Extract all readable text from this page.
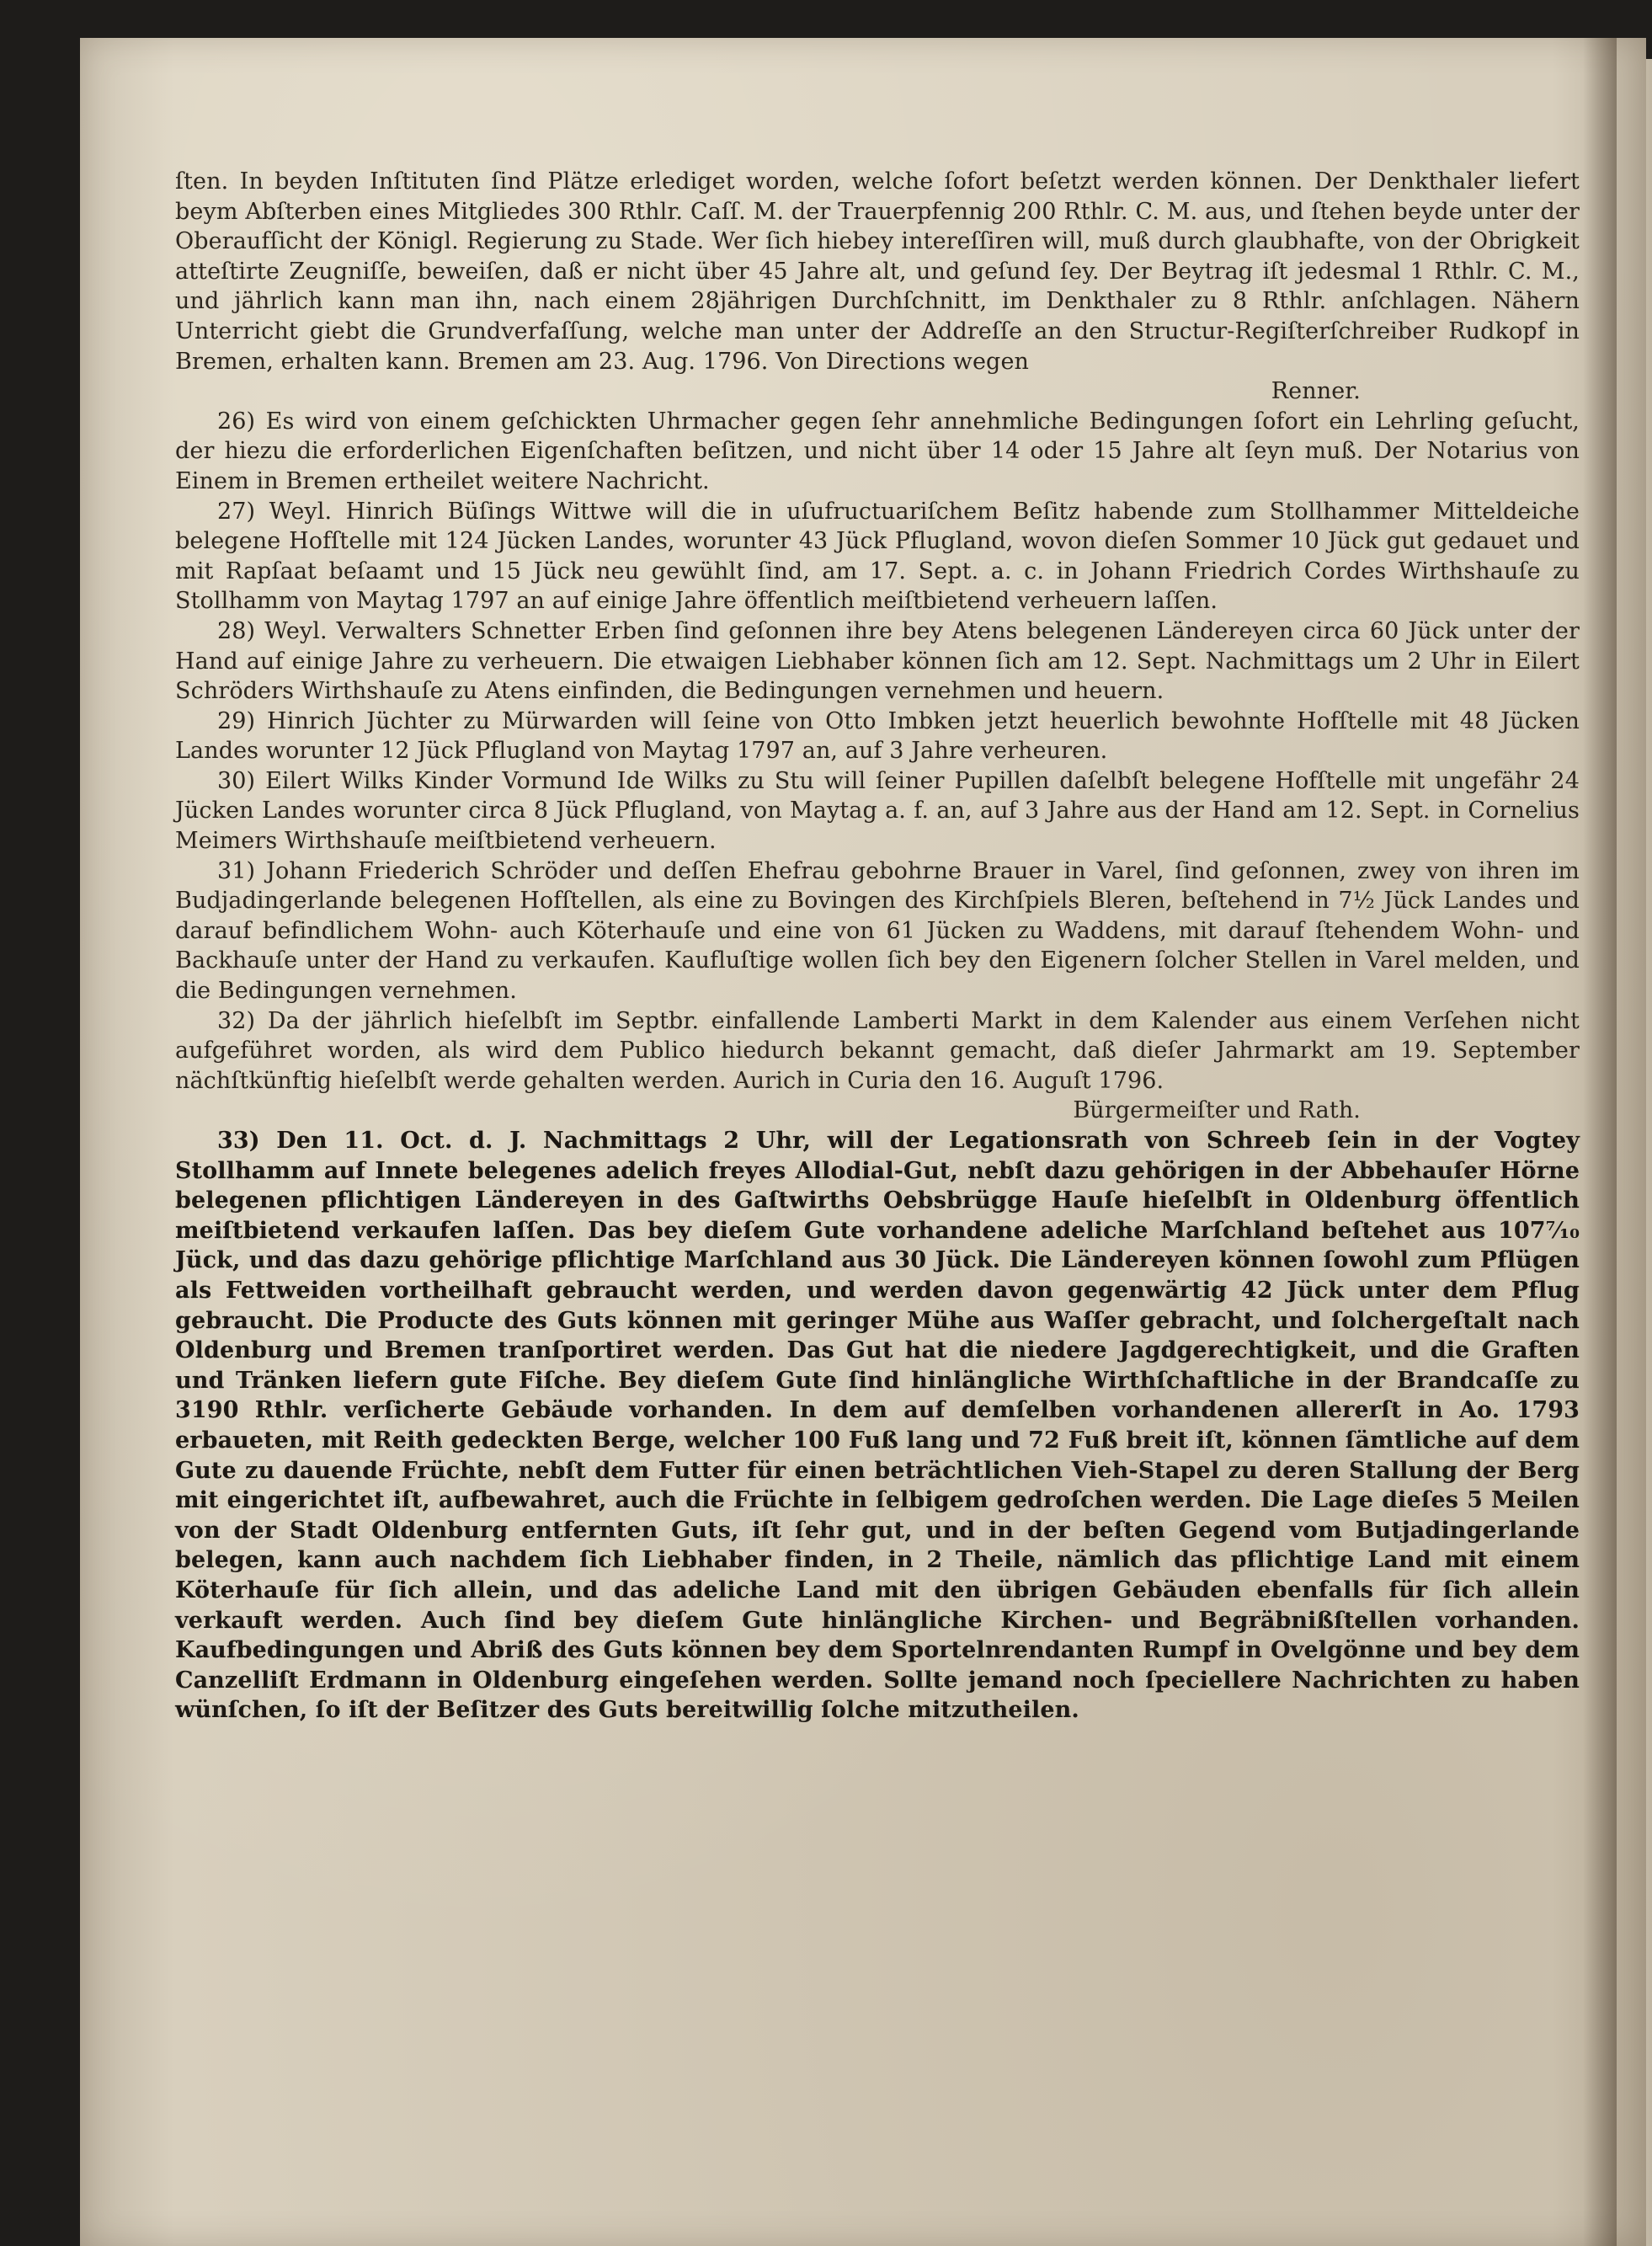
ſten. In beyden Inſtituten ſind Plätze erlediget worden, welche ſofort beſetzt werden können. Der Denkthaler liefert beym Abſterben eines Mitgliedes 300 Rthlr. Caſſ. M. der Trauerpfennig 200 Rthlr. C. M. aus, und ſtehen beyde unter der Oberaufſicht der Königl. Regierung zu Stade. Wer ſich hiebey intereſſiren will, muß durch glaubhafte, von der Obrigkeit atteſtirte Zeugniſſe, beweiſen, daß er nicht über 45 Jahre alt, und geſund ſey. Der Beytrag iſt jedesmal 1 Rthlr. C. M., und jährlich kann man ihn, nach einem 28jährigen Durchſchnitt, im Denkthaler zu 8 Rthlr. anſchlagen. Nähern Unterricht giebt die Grundverfaſſung, welche man unter der Addreſſe an den Structur-Regiſterſchreiber Rudkopf in Bremen, erhalten kann. Bremen am 23. Aug. 1796. Von Directions wegen

Renner.

26) Es wird von einem geſchickten Uhrmacher gegen ſehr annehmliche Bedingungen ſofort ein Lehrling geſucht, der hiezu die erforderlichen Eigenſchaften beſitzen, und nicht über 14 oder 15 Jahre alt ſeyn muß. Der Notarius von Einem in Bremen ertheilet weitere Nachricht.

27) Weyl. Hinrich Büſings Wittwe will die in uſufructuariſchem Beſitz habende zum Stollhammer Mitteldeiche belegene Hofſtelle mit 124 Jücken Landes, worunter 43 Jück Pflugland, wovon dieſen Sommer 10 Jück gut gedauet und mit Rapſaat beſaamt und 15 Jück neu gewühlt ſind, am 17. Sept. a. c. in Johann Friedrich Cordes Wirthshauſe zu Stollhamm von Maytag 1797 an auf einige Jahre öffentlich meiſtbietend verheuern laſſen.

28) Weyl. Verwalters Schnetter Erben ſind geſonnen ihre bey Atens belegenen Ländereyen circa 60 Jück unter der Hand auf einige Jahre zu verheuern. Die etwaigen Liebhaber können ſich am 12. Sept. Nachmittags um 2 Uhr in Eilert Schröders Wirthshauſe zu Atens einfinden, die Bedingungen vernehmen und heuern.

29) Hinrich Jüchter zu Mürwarden will ſeine von Otto Imbken jetzt heuerlich bewohnte Hofſtelle mit 48 Jücken Landes worunter 12 Jück Pflugland von Maytag 1797 an, auf 3 Jahre verheuren.

30) Eilert Wilks Kinder Vormund Ide Wilks zu Stu will ſeiner Pupillen daſelbſt belegene Hofſtelle mit ungefähr 24 Jücken Landes worunter circa 8 Jück Pflugland, von Maytag a. f. an, auf 3 Jahre aus der Hand am 12. Sept. in Cornelius Meimers Wirthshauſe meiſtbietend verheuern.

31) Johann Friederich Schröder und deſſen Ehefrau gebohrne Brauer in Varel, ſind geſonnen, zwey von ihren im Budjadingerlande belegenen Hofſtellen, als eine zu Bovingen des Kirchſpiels Bleren, beſtehend in 7½ Jück Landes und darauf befindlichem Wohn- auch Köterhauſe und eine von 61 Jücken zu Waddens, mit darauf ſtehendem Wohn- und Backhauſe unter der Hand zu verkaufen. Kaufluſtige wollen ſich bey den Eigenern ſolcher Stellen in Varel melden, und die Bedingungen vernehmen.

32) Da der jährlich hieſelbſt im Septbr. einfallende Lamberti Markt in dem Kalender aus einem Verſehen nicht aufgeführet worden, als wird dem Publico hiedurch bekannt gemacht, daß dieſer Jahrmarkt am 19. September nächſtkünftig hieſelbſt werde gehalten werden. Aurich in Curia den 16. Auguſt 1796.

Bürgermeiſter und Rath.

33) Den 11. Oct. d. J. Nachmittags 2 Uhr, will der Legationsrath von Schreeb ſein in der Vogtey Stollhamm auf Innete belegenes adelich freyes Allodial-Gut, nebſt dazu gehörigen in der Abbehauſer Hörne belegenen pflichtigen Ländereyen in des Gaſtwirths Oebsbrügge Hauſe hieſelbſt in Oldenburg öffentlich meiſtbietend verkaufen laſſen. Das bey dieſem Gute vorhandene adeliche Marſchland beſtehet aus 107⁷⁄₁₀ Jück, und das dazu gehörige pflichtige Marſchland aus 30 Jück. Die Ländereyen können ſowohl zum Pflügen als Fettweiden vortheilhaft gebraucht werden, und werden davon gegenwärtig 42 Jück unter dem Pflug gebraucht. Die Producte des Guts können mit geringer Mühe aus Waſſer gebracht, und ſolchergeſtalt nach Oldenburg und Bremen tranſportiret werden. Das Gut hat die niedere Jagdgerechtigkeit, und die Graften und Tränken liefern gute Fiſche. Bey dieſem Gute ſind hinlängliche Wirthſchaftliche in der Brandcaſſe zu 3190 Rthlr. verſicherte Gebäude vorhanden. In dem auf demſelben vorhandenen allererſt in Ao. 1793 erbaueten, mit Reith gedeckten Berge, welcher 100 Fuß lang und 72 Fuß breit iſt, können ſämtliche auf dem Gute zu dauende Früchte, nebſt dem Futter für einen beträchtlichen Vieh-Stapel zu deren Stallung der Berg mit eingerichtet iſt, aufbewahret, auch die Früchte in ſelbigem gedroſchen werden. Die Lage dieſes 5 Meilen von der Stadt Oldenburg entfernten Guts, iſt ſehr gut, und in der beſten Gegend vom Butjadingerlande belegen, kann auch nachdem ſich Liebhaber finden, in 2 Theile, nämlich das pflichtige Land mit einem Köterhauſe für ſich allein, und das adeliche Land mit den übrigen Gebäuden ebenfalls für ſich allein verkauft werden. Auch ſind bey dieſem Gute hinlängliche Kirchen- und Begräbnißſtellen vorhanden. Kaufbedingungen und Abriß des Guts können bey dem Sportelnrendanten Rumpf in Ovelgönne und bey dem Canzelliſt Erdmann in Oldenburg eingeſehen werden. Sollte jemand noch ſpeciellere Nachrichten zu haben wünſchen, ſo iſt der Beſitzer des Guts bereitwillig ſolche mitzutheilen.
